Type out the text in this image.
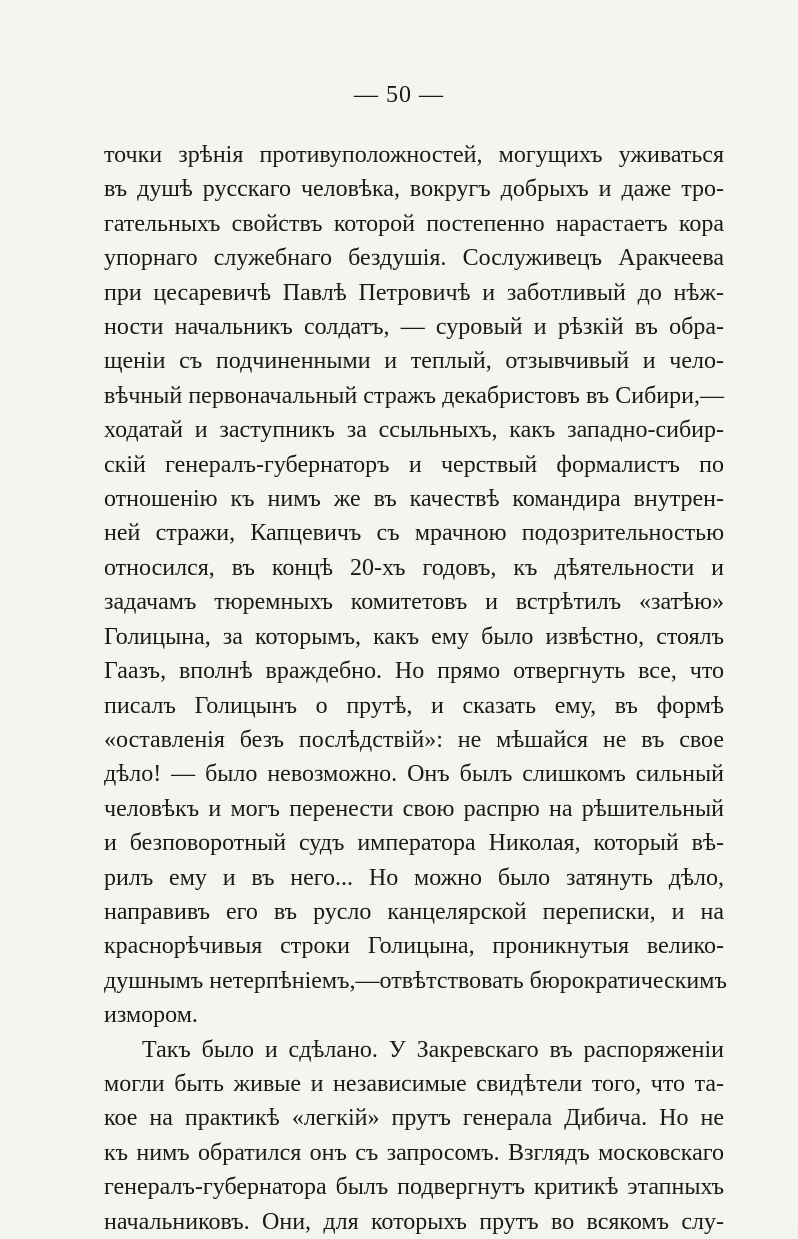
— 50 —
точки зрѣнія противуположностей, могущихъ уживаться
въ душѣ русскаго человѣка, вокругъ добрыхъ и даже тро-
гательныхъ свойствъ которой постепенно нарастаетъ кора
упорнаго служебнаго бездушія. Сослуживецъ Аракчеева
при цесаревичѣ Павлѣ Петровичѣ и заботливый до нѣж-
ности начальникъ солдатъ, — суровый и рѣзкій въ обра-
щеніи съ подчиненными и теплый, отзывчивый и чело-
вѣчный первоначальный стражъ декабристовъ въ Сибири,—
ходатай и заступникъ за ссыльныхъ, какъ западно-сибир-
скій генералъ-губернаторъ и черствый формалистъ по
отношенію къ нимъ же въ качествѣ командира внутрен-
ней стражи, Капцевичъ съ мрачною подозрительностью
относился, въ концѣ 20-хъ годовъ, къ дѣятельности и
задачамъ тюремныхъ комитетовъ и встрѣтилъ «затѣю»
Голицына, за которымъ, какъ ему было извѣстно, стоялъ
Гаазъ, вполнѣ враждебно. Но прямо отвергнуть все, что
писалъ Голицынъ о прутѣ, и сказать ему, въ формѣ
«оставленія безъ послѣдствій»: не мѣшайся не въ свое
дѣло! — было невозможно. Онъ былъ слишкомъ сильный
человѣкъ и могъ перенести свою распрю на рѣшительный
и безповоротный судъ императора Николая, который вѣ-
рилъ ему и въ него... Но можно было затянуть дѣло,
направивъ его въ русло канцелярской переписки, и на
краснорѣчивыя строки Голицына, проникнутыя велико-
душнымъ нетерпѣніемъ,—отвѣтствовать бюрократическимъ
измором.
Такъ было и сдѣлано. У Закревскаго въ распоряженіи
могли быть живые и независимые свидѣтели того, что та-
кое на практикѣ «легкій» прутъ генерала Дибича. Но не
къ нимъ обратился онъ съ запросомъ. Взглядъ московскаго
генералъ-губернатора былъ подвергнутъ критикѣ этапныхъ
начальниковъ. Они, для которыхъ прутъ во всякомъ слу-
